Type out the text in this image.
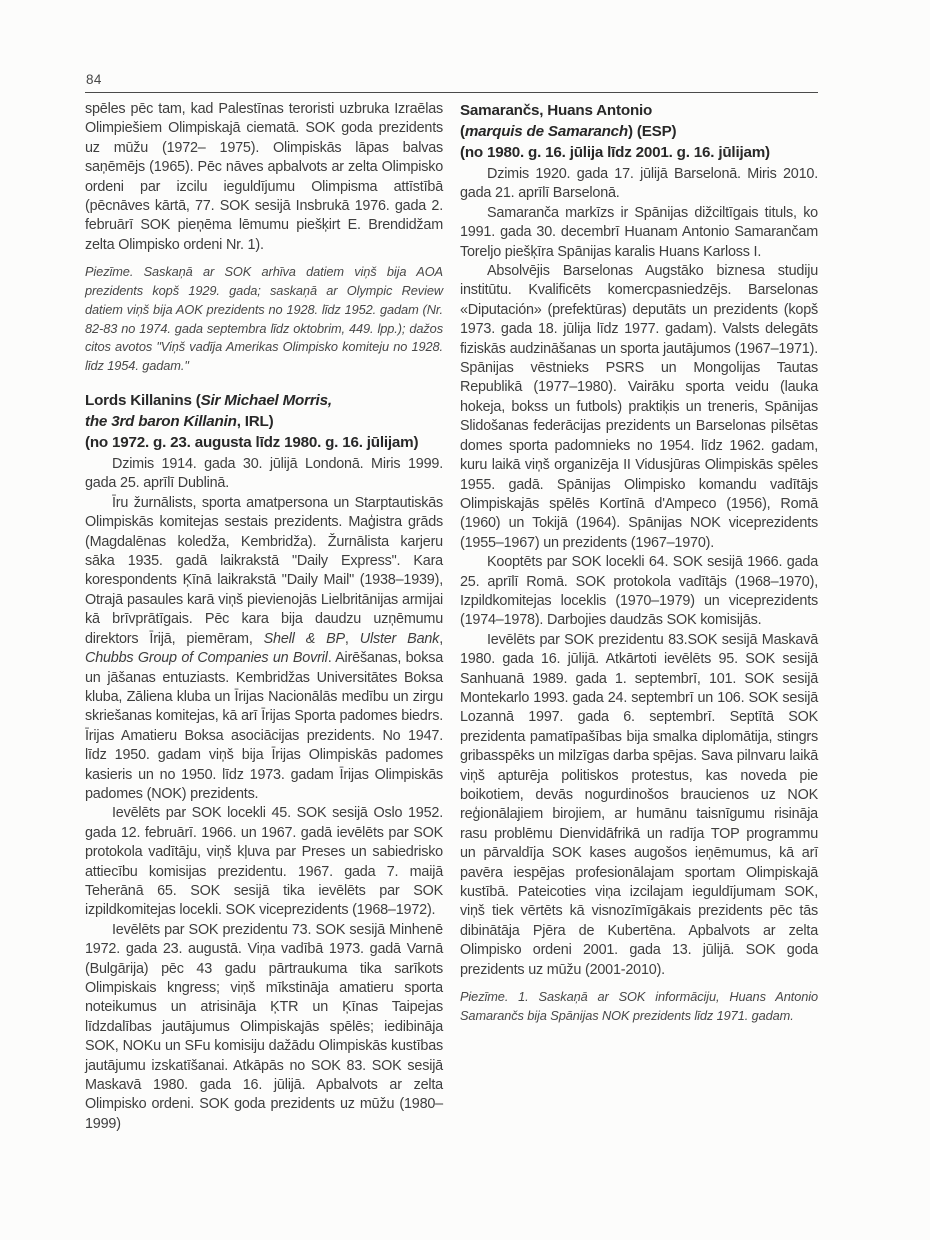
84

spēles pēc tam, kad Palestīnas teroristi uzbruka Izraēlas Olimpiešiem Olimpiskajā ciematā. SOK goda prezidents uz mūžu (1972– 1975). Olimpiskās lāpas balvas saņēmējs (1965). Pēc nāves apbalvots ar zelta Olimpisko ordeni par izcilu ieguldījumu Olimpisma attīstībā (pēcnāves kārtā, 77. SOK sesijā Insbrukā 1976. gada 2. februārī SOK pieņēma lēmumu piešķirt E. Brendidžam zelta Olimpisko ordeni Nr. 1).

Piezīme. Saskaņā ar SOK arhīva datiem viņš bija AOA prezidents kopš 1929. gada; saskaņā ar Olympic Review datiem viņš bija AOK prezidents no 1928. līdz 1952. gadam (Nr. 82-83 no 1974. gada septembra līdz oktobrim, 449. lpp.); dažos citos avotos "Viņš vadīja Amerikas Olimpisko komiteju no 1928. līdz 1954. gadam."

Lords Killanins (Sir Michael Morris,
the 3rd baron Killanin, IRL)
(no 1972. g. 23. augusta līdz 1980. g. 16. jūlijam)

Dzimis 1914. gada 30. jūlijā Londonā. Miris 1999. gada 25. aprīlī Dublinā.

Īru žurnālists, sporta amatpersona un Starptautiskās Olimpiskās komitejas sestais prezidents. Maģistra grāds (Magdalēnas koledža, Kembridža). Žurnālista karjeru sāka 1935. gadā laikrakstā "Daily Express". Kara korespondents Ķīnā laikrakstā "Daily Mail" (1938–1939), Otrajā pasaules karā viņš pievienojās Lielbritānijas armijai kā brīvprātīgais. Pēc kara bija daudzu uzņēmumu direktors Īrijā, piemēram, Shell & BP, Ulster Bank, Chubbs Group of Companies un Bovril. Airēšanas, boksa un jāšanas entuziasts. Kembridžas Universitātes Boksa kluba, Zāliena kluba un Īrijas Nacionālās medību un zirgu skriešanas komitejas, kā arī Īrijas Sporta padomes biedrs. Īrijas Amatieru Boksa asociācijas prezidents. No 1947. līdz 1950. gadam viņš bija Īrijas Olimpiskās padomes kasieris un no 1950. līdz 1973. gadam Īrijas Olimpiskās padomes (NOK) prezidents.

Ievēlēts par SOK locekli 45. SOK sesijā Oslo 1952. gada 12. februārī. 1966. un 1967. gadā ievēlēts par SOK protokola vadītāju, viņš kļuva par Preses un sabiedrisko attiecību komisijas prezidentu. 1967. gada 7. maijā Teherānā 65. SOK sesijā tika ievēlēts par SOK izpildkomitejas locekli. SOK viceprezidents (1968–1972).

Ievēlēts par SOK prezidentu 73. SOK sesijā Minhenē 1972. gada 23. augustā. Viņa vadībā 1973. gadā Varnā (Bulgārija) pēc 43 gadu pārtraukuma tika sarīkots Olimpiskais kngress; viņš mīkstināja amatieru sporta noteikumus un atrisināja ĶTR un Ķīnas Taipejas līdzdalības jautājumus Olimpiskajās spēlēs; iedibināja SOK, NOKu un SFu komisiju dažādu Olimpiskās kustības jautājumu izskatīšanai. Atkāpās no SOK 83. SOK sesijā Maskavā 1980. gada 16. jūlijā. Apbalvots ar zelta Olimpisko ordeni. SOK goda prezidents uz mūžu (1980–1999)

Samarančs, Huans Antonio
(marquis de Samaranch) (ESP)
(no 1980. g. 16. jūlija līdz 2001. g. 16. jūlijam)

Dzimis 1920. gada 17. jūlijā Barselonā. Miris 2010. gada 21. aprīlī Barselonā.

Samaranča markīzs ir Spānijas dižciltīgais tituls, ko 1991. gada 30. decembrī Huanam Antonio Samarančam Toreljo piešķīra Spānijas karalis Huans Karloss I.

Absolvējis Barselonas Augstāko biznesa studiju institūtu. Kvalificēts komercpasniedzējs. Barselonas «Diputación» (prefektūras) deputāts un prezidents (kopš 1973. gada 18. jūlija līdz 1977. gadam). Valsts delegāts fiziskās audzināšanas un sporta jautājumos (1967–1971). Spānijas vēstnieks PSRS un Mongolijas Tautas Republikā (1977–1980). Vairāku sporta veidu (lauka hokeja, bokss un futbols) praktiķis un treneris, Spānijas Slidošanas federācijas prezidents un Barselonas pilsētas domes sporta padomnieks no 1954. līdz 1962. gadam, kuru laikā viņš organizēja II Vidusjūras Olimpiskās spēles 1955. gadā. Spānijas Olimpisko komandu vadītājs Olimpiskajās spēlēs Kortīnā d'Ampeco (1956), Romā (1960) un Tokijā (1964). Spānijas NOK viceprezidents (1955–1967) un prezidents (1967–1970).

Kooptēts par SOK locekli 64. SOK sesijā 1966. gada 25. aprīlī Romā. SOK protokola vadītājs (1968–1970), Izpildkomitejas loceklis (1970–1979) un viceprezidents (1974–1978). Darbojies daudzās SOK komisijās.

Ievēlēts par SOK prezidentu 83.SOK sesijā Maskavā 1980. gada 16. jūlijā. Atkārtoti ievēlēts 95. SOK sesijā Sanhuanā 1989. gada 1. septembrī, 101. SOK sesijā Montekarlo 1993. gada 24. septembrī un 106. SOK sesijā Lozannā 1997. gada 6. septembrī. Septītā SOK prezidenta pamatīpašības bija smalka diplomātija, stingrs gribasspēks un milzīgas darba spējas. Sava pilnvaru laikā viņš apturēja politiskos protestus, kas noveda pie boikotiem, devās nogurdinošos braucienos uz NOK reģionālajiem birojiem, ar humānu taisnīgumu risināja rasu problēmu Dienvidāfrikā un radīja TOP programmu un pārvaldīja SOK kases augošos ieņēmumus, kā arī pavēra iespējas profesionālajam sportam Olimpiskajā kustībā. Pateicoties viņa izcilajam ieguldījumam SOK, viņš tiek vērtēts kā visnozīmīgākais prezidents pēc tās dibinātāja Pjēra de Kubertēna. Apbalvots ar zelta Olimpisko ordeni 2001. gada 13. jūlijā. SOK goda prezidents uz mūžu (2001-2010).

Piezīme. 1. Saskaņā ar SOK informāciju, Huans Antonio Samarančs bija Spānijas NOK prezidents līdz 1971. gadam.
